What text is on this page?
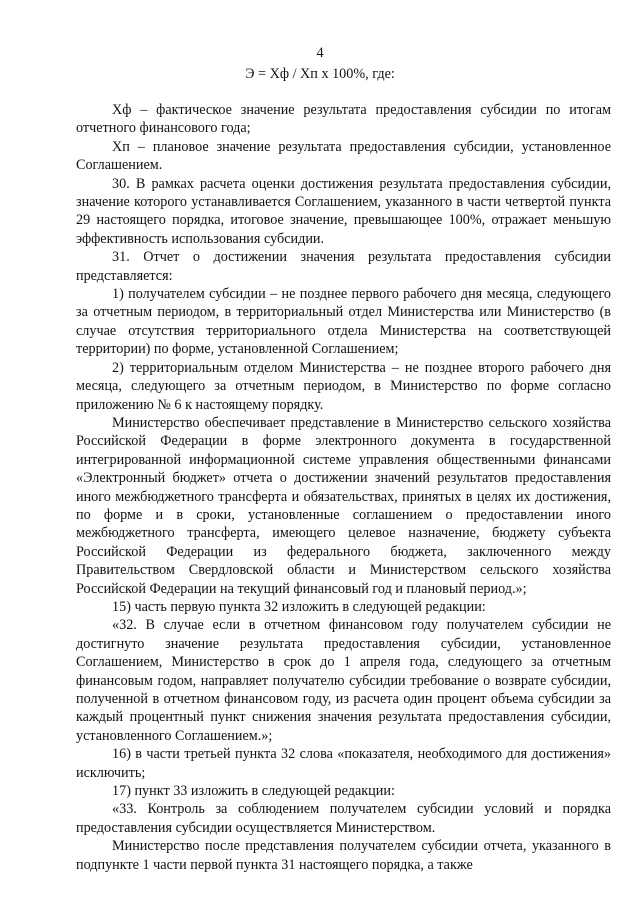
4
Э = Хф / Хп x 100%, где:

Хф – фактическое значение результата предоставления субсидии по итогам отчетного финансового года;

Хп – плановое значение результата предоставления субсидии, установленное Соглашением.

30. В рамках расчета оценки достижения результата предоставления субсидии, значение которого устанавливается Соглашением, указанного в части четвертой пункта 29 настоящего порядка, итоговое значение, превышающее 100%, отражает меньшую эффективность использования субсидии.

31. Отчет о достижении значения результата предоставления субсидии представляется:

1) получателем субсидии – не позднее первого рабочего дня месяца, следующего за отчетным периодом, в территориальный отдел Министерства или Министерство (в случае отсутствия территориального отдела Министерства на соответствующей территории) по форме, установленной Соглашением;

2) территориальным отделом Министерства – не позднее второго рабочего дня месяца, следующего за отчетным периодом, в Министерство по форме согласно приложению № 6 к настоящему порядку.

Министерство обеспечивает представление в Министерство сельского хозяйства Российской Федерации в форме электронного документа в государственной интегрированной информационной системе управления общественными финансами «Электронный бюджет» отчета о достижении значений результатов предоставления иного межбюджетного трансферта и обязательствах, принятых в целях их достижения, по форме и в сроки, установленные соглашением о предоставлении иного межбюджетного трансферта, имеющего целевое назначение, бюджету субъекта Российской Федерации из федерального бюджета, заключенного между Правительством Свердловской области и Министерством сельского хозяйства Российской Федерации на текущий финансовый год и плановый период.»;

15) часть первую пункта 32 изложить в следующей редакции:

«32. В случае если в отчетном финансовом году получателем субсидии не достигнуто значение результата предоставления субсидии, установленное Соглашением, Министерство в срок до 1 апреля года, следующего за отчетным финансовым годом, направляет получателю субсидии требование о возврате субсидии, полученной в отчетном финансовом году, из расчета один процент объема субсидии за каждый процентный пункт снижения значения результата предоставления субсидии, установленного Соглашением.»;

16) в части третьей пункта 32 слова «показателя, необходимого для достижения» исключить;

17) пункт 33 изложить в следующей редакции:

«33. Контроль за соблюдением получателем субсидии условий и порядка предоставления субсидии осуществляется Министерством.

Министерство после представления получателем субсидии отчета, указанного в подпункте 1 части первой пункта 31 настоящего порядка, а также
